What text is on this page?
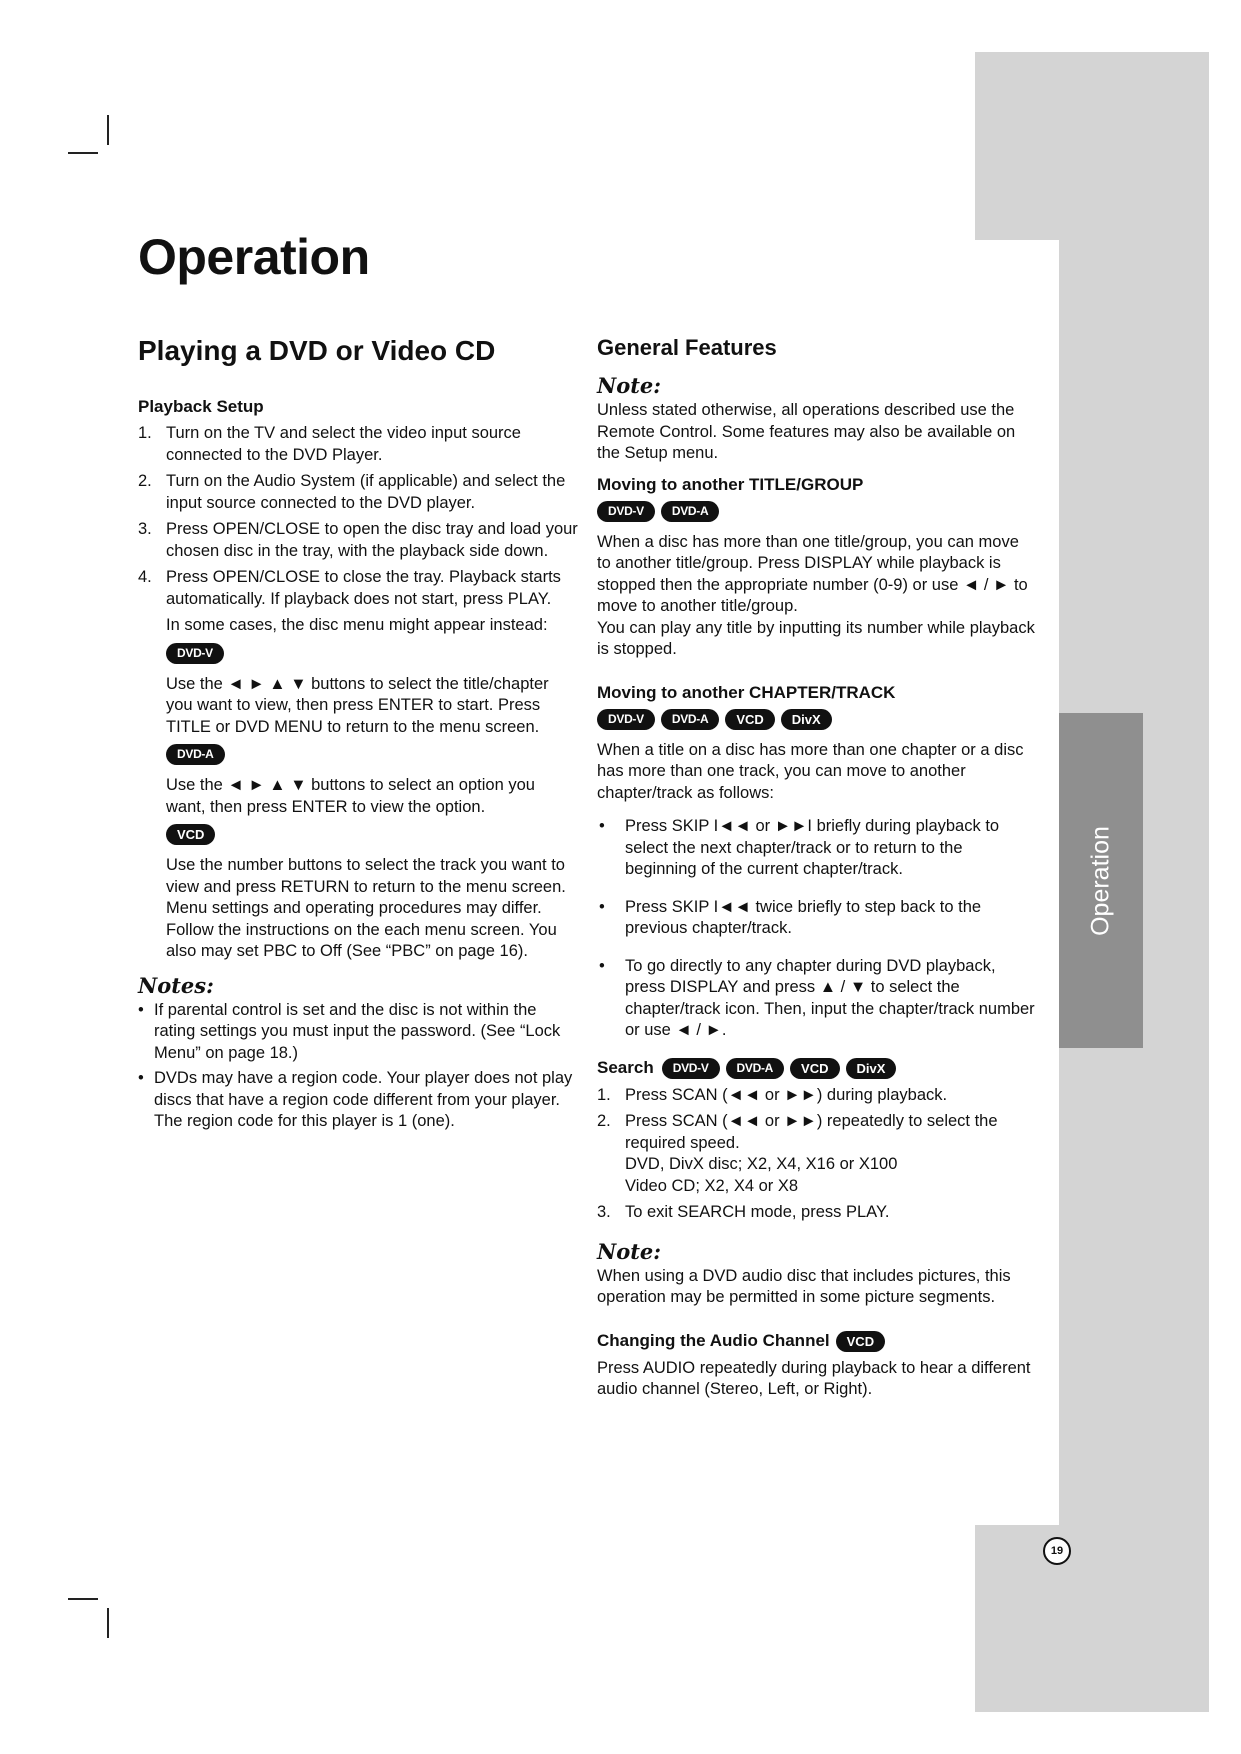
Operation
Operation
Playing a DVD or Video CD
Playback Setup
1. Turn on the TV and select the video input source connected to the DVD Player.
2. Turn on the Audio System (if applicable) and select the input source connected to the DVD player.
3. Press OPEN/CLOSE to open the disc tray and load your chosen disc in the tray, with the playback side down.
4. Press OPEN/CLOSE to close the tray. Playback starts automatically. If playback does not start, press PLAY.

In some cases, the disc menu might appear instead:

DVD-V

Use the ◄ ► ▲ ▼ buttons to select the title/chapter you want to view, then press ENTER to start. Press TITLE or DVD MENU to return to the menu screen.

DVD-A

Use the ◄ ► ▲ ▼ buttons to select an option you want, then press ENTER to view the option.

VCD

Use the number buttons to select the track you want to view and press RETURN to return to the menu screen. Menu settings and operating procedures may differ. Follow the instructions on the each menu screen. You also may set PBC to Off (See “PBC” on page 16).

Notes:
• If parental control is set and the disc is not within the rating settings you must input the password. (See “Lock Menu” on page 18.)
• DVDs may have a region code. Your player does not play discs that have a region code different from your player. The region code for this player is 1 (one).
General Features
Note:

Unless stated otherwise, all operations described use the Remote Control. Some features may also be available on the Setup menu.

Moving to another TITLE/GROUP
DVD-V DVD-A

When a disc has more than one title/group, you can move to another title/group. Press DISPLAY while playback is stopped then the appropriate number (0-9) or use ◄ / ► to move to another title/group.

You can play any title by inputting its number while playback is stopped.

Moving to another CHAPTER/TRACK
DVD-V DVD-A VCD DivX

When a title on a disc has more than one chapter or a disc has more than one track, you can move to another chapter/track as follows:

• Press SKIP I◄◄ or ►►I briefly during playback to select the next chapter/track or to return to the beginning of the current chapter/track.
• Press SKIP I◄◄ twice briefly to step back to the previous chapter/track.
• To go directly to any chapter during DVD playback, press DISPLAY and press ▲ / ▼ to select the chapter/track icon. Then, input the chapter/track number or use ◄ / ►.
Search DVD-V DVD-A VCD DivX
1. Press SCAN (◄◄ or ►►) during playback.
2. Press SCAN (◄◄ or ►►) repeatedly to select the required speed.
DVD, DivX disc; X2, X4, X16 or X100
Video CD; X2, X4 or X8
3. To exit SEARCH mode, press PLAY.
Note:

When using a DVD audio disc that includes pictures, this operation may be permitted in some picture segments.

Changing the Audio Channel VCD

Press AUDIO repeatedly during playback to hear a different audio channel (Stereo, Left, or Right).

19
